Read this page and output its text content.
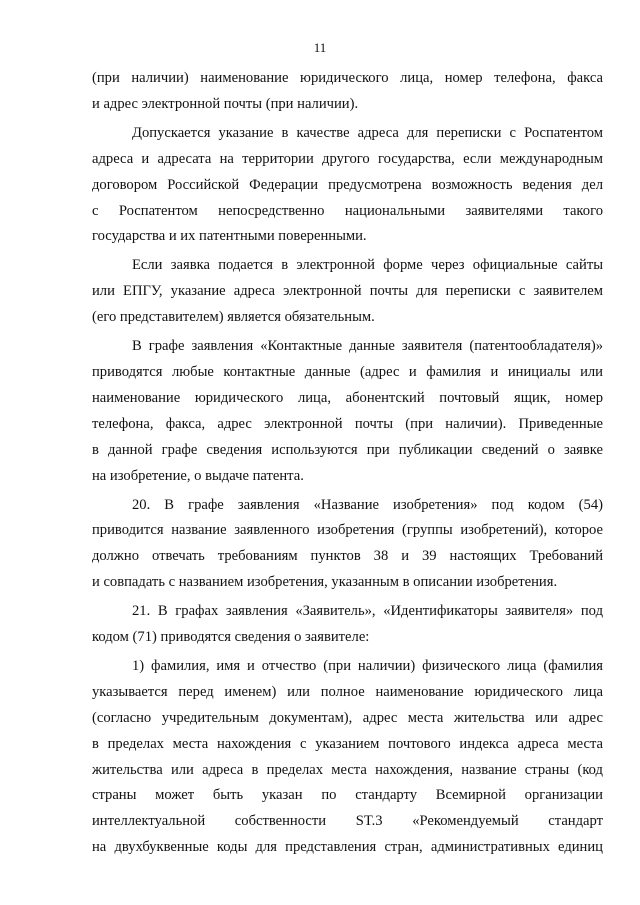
11
(при наличии) наименование юридического лица, номер телефона, факса
и адрес электронной почты (при наличии).
Допускается указание в качестве адреса для переписки с Роспатентом
адреса и адресата на территории другого государства, если международным
договором Российской Федерации предусмотрена возможность ведения дел
с Роспатентом непосредственно национальными заявителями такого
государства и их патентными поверенными.
Если заявка подается в электронной форме через официальные сайты
или ЕПГУ, указание адреса электронной почты для переписки с заявителем
(его представителем) является обязательным.
В графе заявления «Контактные данные заявителя (патентообладателя)»
приводятся любые контактные данные (адрес и фамилия и инициалы или
наименование юридического лица, абонентский почтовый ящик, номер
телефона, факса, адрес электронной почты (при наличии). Приведенные
в данной графе сведения используются при публикации сведений о заявке
на изобретение, о выдаче патента.
20. В графе заявления «Название изобретения» под кодом (54)
приводится название заявленного изобретения (группы изобретений), которое
должно отвечать требованиям пунктов 38 и 39 настоящих Требований
и совпадать с названием изобретения, указанным в описании изобретения.
21. В графах заявления «Заявитель», «Идентификаторы заявителя» под
кодом (71) приводятся сведения о заявителе:
1) фамилия, имя и отчество (при наличии) физического лица (фамилия
указывается перед именем) или полное наименование юридического лица
(согласно учредительным документам), адрес места жительства или адрес
в пределах места нахождения с указанием почтового индекса адреса места
жительства или адреса в пределах места нахождения, название страны (код
страны может быть указан по стандарту Всемирной организации
интеллектуальной собственности ST.3 «Рекомендуемый стандарт
на двухбуквенные коды для представления стран, административных единиц
